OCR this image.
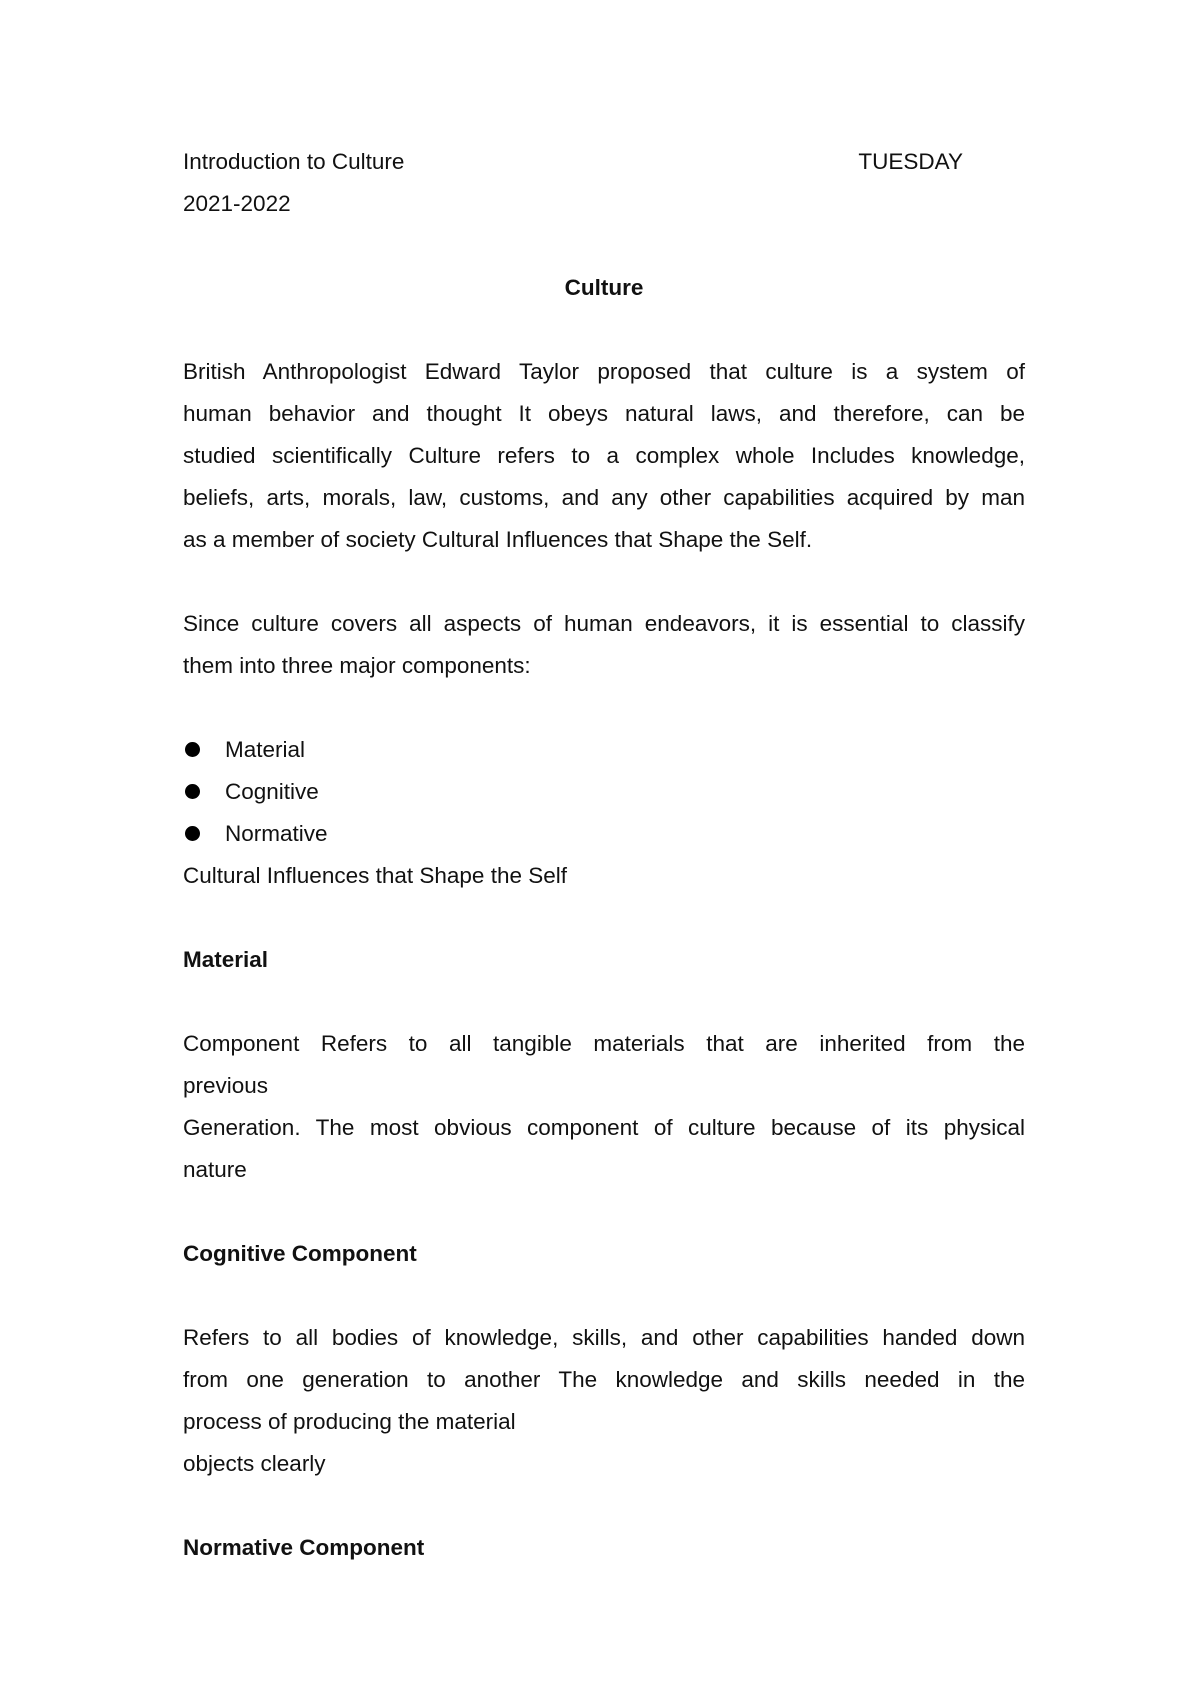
Introduction to Culture	TUESDAY
2021-2022
Culture
British Anthropologist Edward Taylor proposed that culture is a system of
human behavior and thought It obeys natural laws, and therefore, can be
studied scientifically Culture refers to a complex whole Includes knowledge,
beliefs, arts, morals, law, customs, and any other capabilities acquired by man
as a member of society Cultural Influences that Shape the Self.
Since culture covers all aspects of human endeavors, it is essential to classify
them into three major components:
Material
Cognitive
Normative
Cultural Influences that Shape the Self
Material
Component Refers to all tangible materials that are inherited from the
previous
Generation. The most obvious component of culture because of its physical
nature
Cognitive Component
Refers to all bodies of knowledge, skills, and other capabilities handed down
from one generation to another The knowledge and skills needed in the
process of producing the material
objects clearly
Normative Component
